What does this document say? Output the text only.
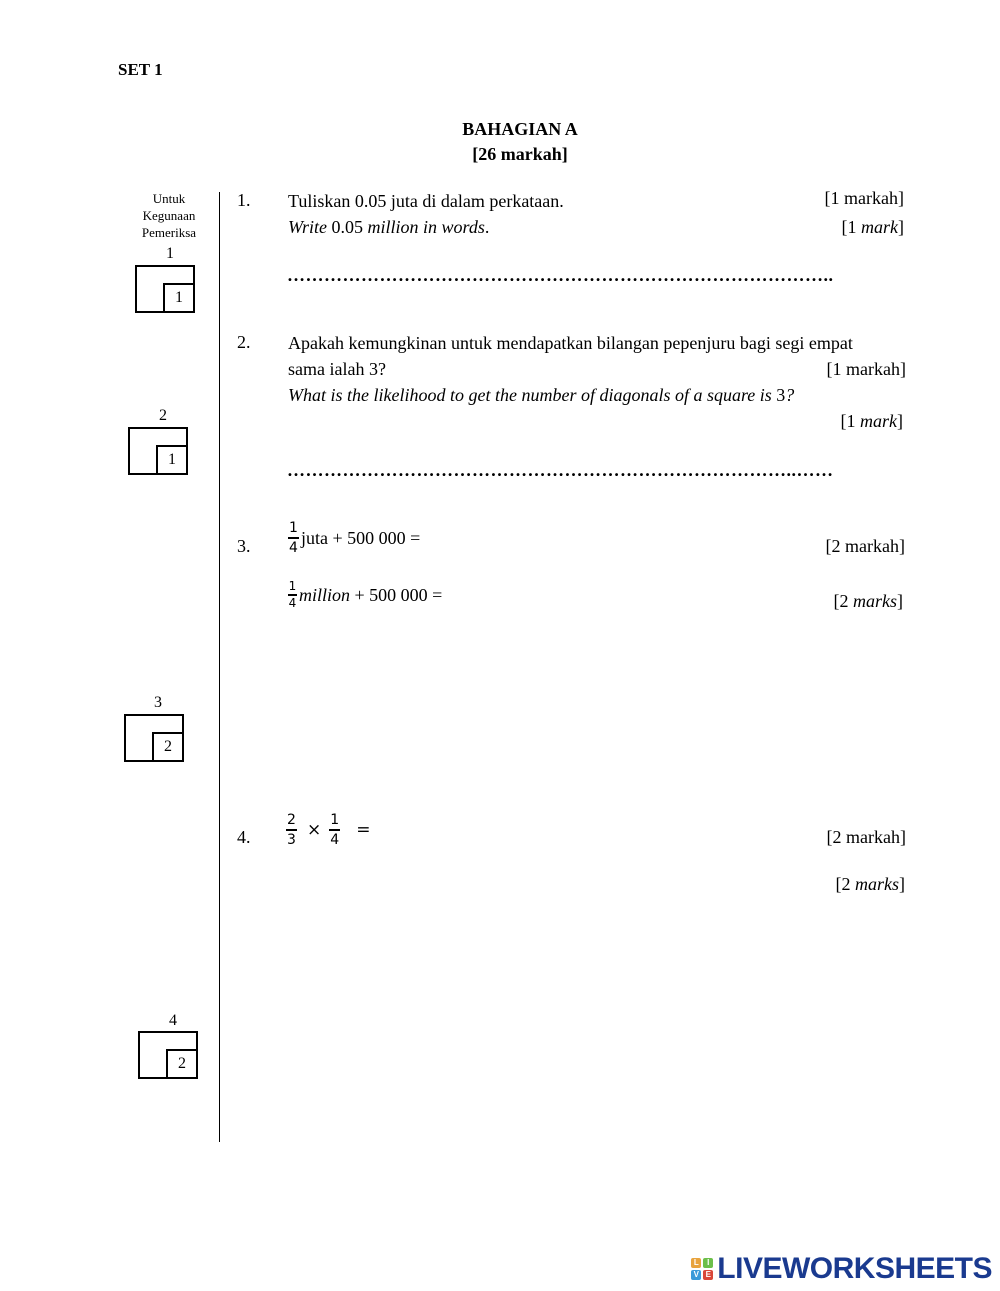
SET 1
BAHAGIAN A
[26 markah]
Untuk
Kegunaan
Pemeriksa
1
1
2
1
3
2
4
2
1. Tuliskan 0.05 juta di dalam perkataan.	[1 markah]
Write 0.05 million in words.	[1 mark]
……………………………………………………………………………..
2. Apakah kemungkinan untuk mendapatkan bilangan pepenjuru bagi segi empat
sama ialah 3?	[1 markah]
What is the likelihood to get the number of diagonals of a square is 3?
[1 mark]
………………………………………………………………………..……
3.	$\frac{1}{4}$ juta + 500 000 =	[2 markah]
$\frac{1}{4}$ million + 500 000 =	[2 marks]
4.	$\frac{2}{3} \times \frac{1}{4}$ =	[2 markah]
[2 marks]
L	I
V E LIVEWORKSHEETS
